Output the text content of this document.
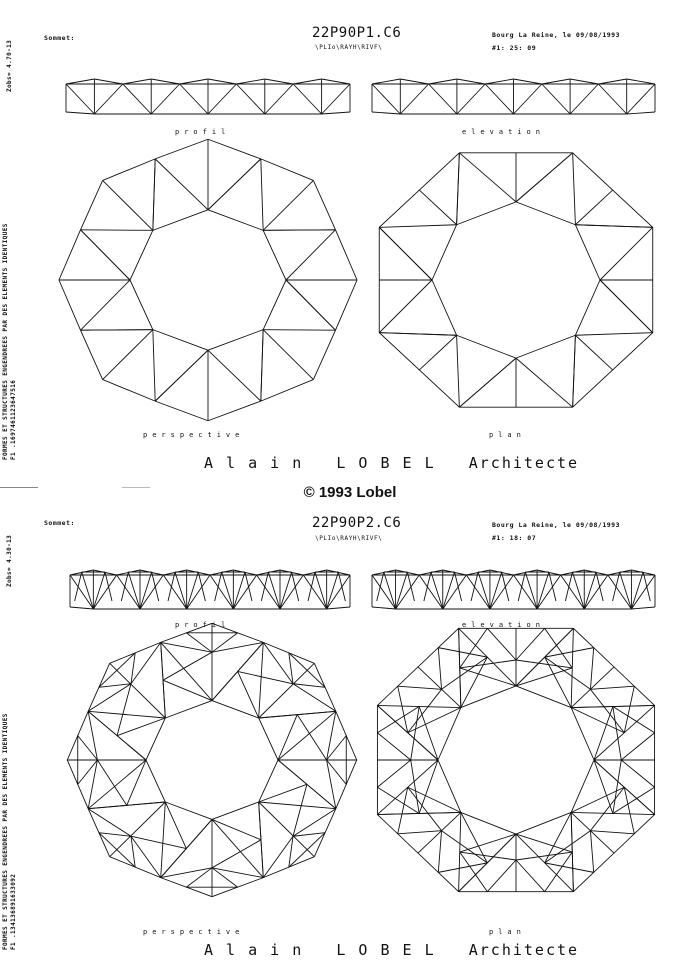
Sommet:	22P90P1.C6
\PLIo\RAYH\RIVF\
Bourg La Reine, le 09/08/1993
#1: 25: 09
Zobs= 4.70-13
FORMES ET STRUCTURES ENGENDREES PAR DES ELEMENTS IDENTIQUES F1 .1697461123647516
profil	elevation
perspective	plan
A l a i n   L O B E L   Architecte
© 1993 Lobel
Sommet:	22P90P2.C6
\PLIo\RAYH\RIVF\
Bourg La Reine, le 09/08/1993
#1: 18: 07
Zobs= 4.30-13
FORMES ET STRUCTURES ENGENDREES PAR DES ELEMENTS IDENTIQUES F1 .134136891633092
profil	elevation
perspective	plan
A l a i n   L O B E L   Architecte
